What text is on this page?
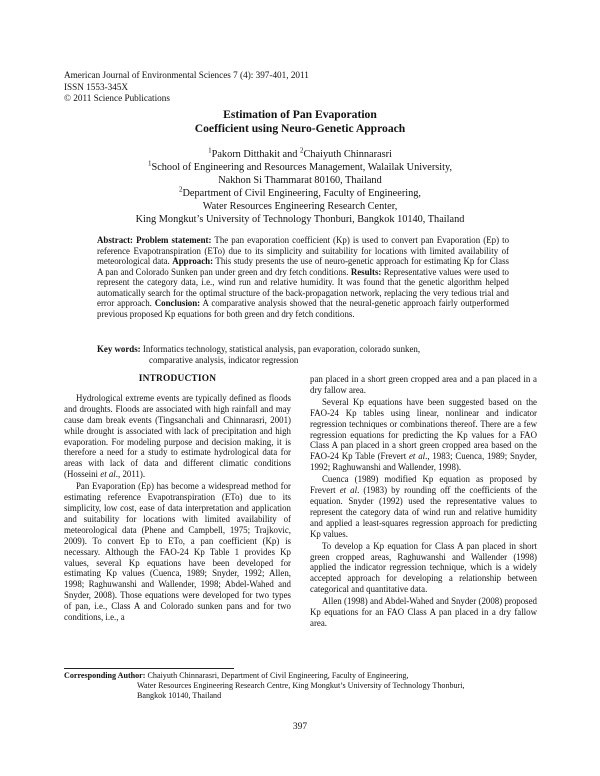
American Journal of Environmental Sciences 7 (4): 397-401, 2011
ISSN 1553-345X
© 2011 Science Publications
Estimation of Pan Evaporation
Coefficient using Neuro-Genetic Approach
$^1$Pakorn Ditthakit and $^2$Chaiyuth Chinnarasri
$^1$School of Engineering and Resources Management, Walailak University,
Nakhon Si Thammarat 80160, Thailand
$^2$Department of Civil Engineering, Faculty of Engineering,
Water Resources Engineering Research Center,
King Mongkut’s University of Technology Thonburi, Bangkok 10140, Thailand
Abstract: Problem statement: The pan evaporation coefficient (Kp) is used to convert pan Evaporation (Ep) to reference Evapotranspiration (ETo) due to its simplicity and suitability for locations with limited availability of meteorological data. Approach: This study presents the use of neuro-genetic approach for estimating Kp for Class A pan and Colorado Sunken pan under green and dry fetch conditions. Results: Representative values were used to represent the category data, i.e., wind run and relative humidity. It was found that the genetic algorithm helped automatically search for the optimal structure of the back-propagation network, replacing the very tedious trial and error approach. Conclusion: A comparative analysis showed that the neural-genetic approach fairly outperformed previous proposed Kp equations for both green and dry fetch conditions.
Key words: Informatics technology, statistical analysis, pan evaporation, colorado sunken,
comparative analysis, indicator regression
INTRODUCTION

Hydrological extreme events are typically defined as floods and droughts. Floods are associated with high rainfall and may cause dam break events (Tingsanchali and Chinnarasri, 2001) while drought is associated with lack of precipitation and high evaporation. For modeling purpose and decision making, it is therefore a need for a study to estimate hydrological data for areas with lack of data and different climatic conditions (Hosseini et al., 2011).

Pan Evaporation (Ep) has become a widespread method for estimating reference Evapotranspiration (ETo) due to its simplicity, low cost, ease of data interpretation and application and suitability for locations with limited availability of meteorological data (Phene and Campbell, 1975; Trajkovic, 2009). To convert Ep to ETo, a pan coefficient (Kp) is necessary. Although the FAO-24 Kp Table 1 provides Kp values, several Kp equations have been developed for estimating Kp values (Cuenca, 1989; Snyder, 1992; Allen, 1998; Raghuwanshi and Wallender, 1998; Abdel-Wahed and Snyder, 2008). Those equations were developed for two types of pan, i.e., Class A and Colorado sunken pans and for two conditions, i.e., a

pan placed in a short green cropped area and a pan placed in a dry fallow area.

Several Kp equations have been suggested based on the FAO-24 Kp tables using linear, nonlinear and indicator regression techniques or combinations thereof. There are a few regression equations for predicting the Kp values for a FAO Class A pan placed in a short green cropped area based on the FAO-24 Kp Table (Frevert et al., 1983; Cuenca, 1989; Snyder, 1992; Raghuwanshi and Wallender, 1998).

Cuenca (1989) modified Kp equation as proposed by Frevert et al. (1983) by rounding off the coefficients of the equation. Snyder (1992) used the representative values to represent the category data of wind run and relative humidity and applied a least-squares regression approach for predicting Kp values.

To develop a Kp equation for Class A pan placed in short green cropped areas, Raghuwanshi and Wallender (1998) applied the indicator regression technique, which is a widely accepted approach for developing a relationship between categorical and quantitative data.

Allen (1998) and Abdel-Wahed and Snyder (2008) proposed Kp equations for an FAO Class A pan placed in a dry fallow area.

Corresponding Author: Chaiyuth Chinnarasri, Department of Civil Engineering, Faculty of Engineering,
Water Resources Engineering Research Centre, King Mongkut’s University of Technology Thonburi,
Bangkok 10140, Thailand
397
